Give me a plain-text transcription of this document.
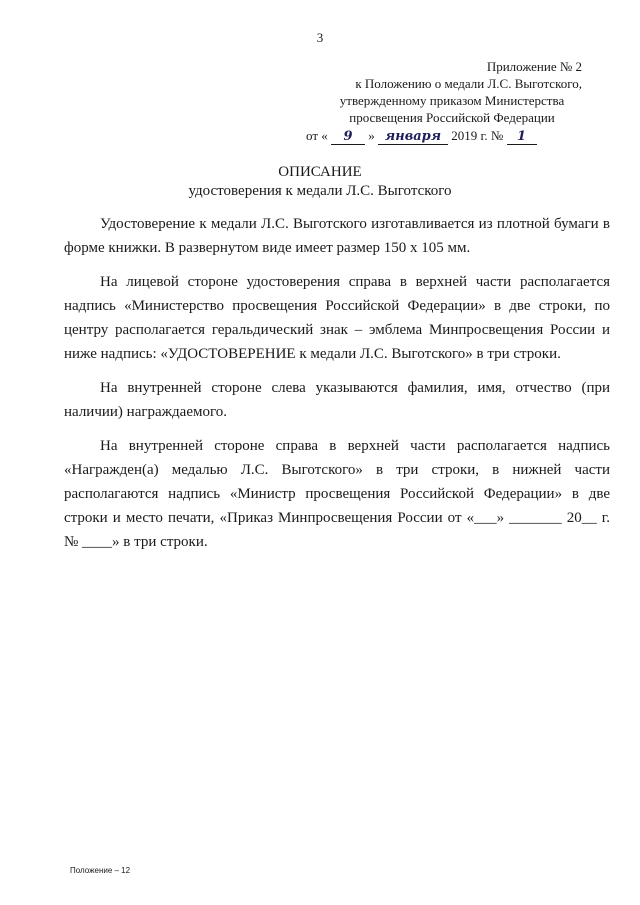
3
Приложение № 2
к Положению о медали Л.С. Выготского,
утвержденному приказом Министерства
просвещения Российской Федерации
от « 9 » января 2019 г. № 1
ОПИСАНИЕ
удостоверения к медали Л.С. Выготского

Удостоверение к медали Л.С. Выготского изготавливается из плотной бумаги в форме книжки. В развернутом виде имеет размер 150 х 105 мм.

На лицевой стороне удостоверения справа в верхней части располагается надпись «Министерство просвещения Российской Федерации» в две строки, по центру располагается геральдический знак – эмблема Минпросвещения России и ниже надпись: «УДОСТОВЕРЕНИЕ к медали Л.С. Выготского» в три строки.

На внутренней стороне слева указываются фамилия, имя, отчество (при наличии) награждаемого.

На внутренней стороне справа в верхней части располагается надпись «Награжден(а) медалью Л.С. Выготского» в три строки, в нижней части располагаются надпись «Министр просвещения Российской Федерации» в две строки и место печати, «Приказ Минпросвещения России от «___» _______ 20__ г. № ____» в три строки.

Положение – 12
